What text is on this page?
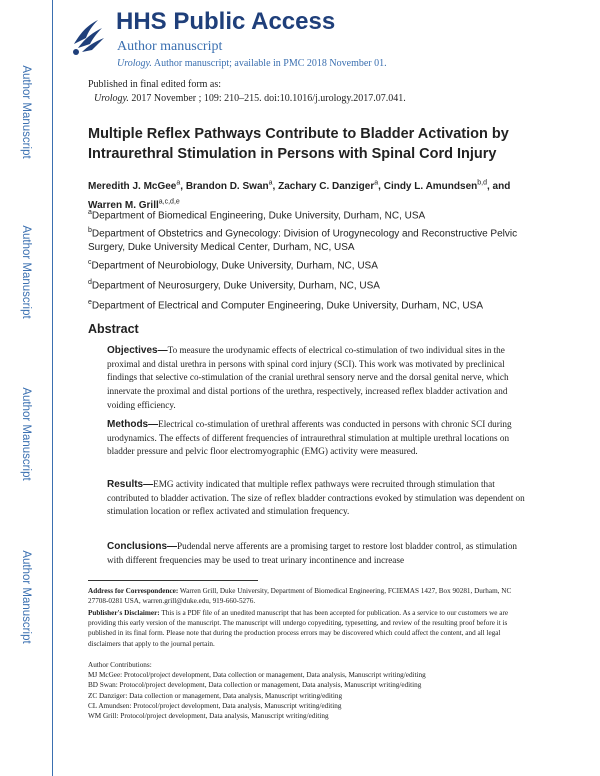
Author Manuscript
Author Manuscript
Author Manuscript
Author Manuscript
HHS Public Access
Author manuscript
Urology. Author manuscript; available in PMC 2018 November 01.
Published in final edited form as:
Urology. 2017 November ; 109: 210–215. doi:10.1016/j.urology.2017.07.041.
Multiple Reflex Pathways Contribute to Bladder Activation by Intraurethral Stimulation in Persons with Spinal Cord Injury
Meredith J. McGee$^a$, Brandon D. Swan$^a$, Zachary C. Danziger$^a$, Cindy L. Amundsen$^{b,d}$, and Warren M. Grill$^{a,c,d,e}$
$^a$Department of Biomedical Engineering, Duke University, Durham, NC, USA
$^b$Department of Obstetrics and Gynecology: Division of Urogynecology and Reconstructive Pelvic Surgery, Duke University Medical Center, Durham, NC, USA
$^c$Department of Neurobiology, Duke University, Durham, NC, USA
$^d$Department of Neurosurgery, Duke University, Durham, NC, USA
$^e$Department of Electrical and Computer Engineering, Duke University, Durham, NC, USA
Abstract
Objectives—To measure the urodynamic effects of electrical co-stimulation of two individual sites in the proximal and distal urethra in persons with spinal cord injury (SCI). This work was motivated by preclinical findings that selective co-stimulation of the cranial urethral sensory nerve and the dorsal genital nerve, which innervate the proximal and distal portions of the urethra, respectively, increased reflex bladder activation and voiding efficiency.
Methods—Electrical co-stimulation of urethral afferents was conducted in persons with chronic SCI during urodynamics. The effects of different frequencies of intraurethral stimulation at multiple urethral locations on bladder pressure and pelvic floor electromyographic (EMG) activity were measured.
Results—EMG activity indicated that multiple reflex pathways were recruited through stimulation that contributed to bladder activation. The size of reflex bladder contractions evoked by stimulation was dependent on stimulation location or reflex activated and stimulation frequency.
Conclusions—Pudendal nerve afferents are a promising target to restore lost bladder control, as stimulation with different frequencies may be used to treat urinary incontinence and increase
Address for Correspondence: Warren Grill, Duke University, Department of Biomedical Engineering, FCIEMAS 1427, Box 90281, Durham, NC 27708-0281 USA, warren.grill@duke.edu, 919-660-5276.
Publisher's Disclaimer: This is a PDF file of an unedited manuscript that has been accepted for publication. As a service to our customers we are providing this early version of the manuscript. The manuscript will undergo copyediting, typesetting, and review of the resulting proof before it is published in its final form. Please note that during the production process errors may be discovered which could affect the content, and all legal disclaimers that apply to the journal pertain.
Author Contributions:
MJ McGee: Protocol/project development, Data collection or management, Data analysis, Manuscript writing/editing
BD Swan: Protocol/project development, Data collection or management, Data analysis, Manuscript writing/editing
ZC Danziger: Data collection or management, Data analysis, Manuscript writing/editing
CL Amundsen: Protocol/project development, Data analysis, Manuscript writing/editing
WM Grill: Protocol/project development, Data analysis, Manuscript writing/editing
